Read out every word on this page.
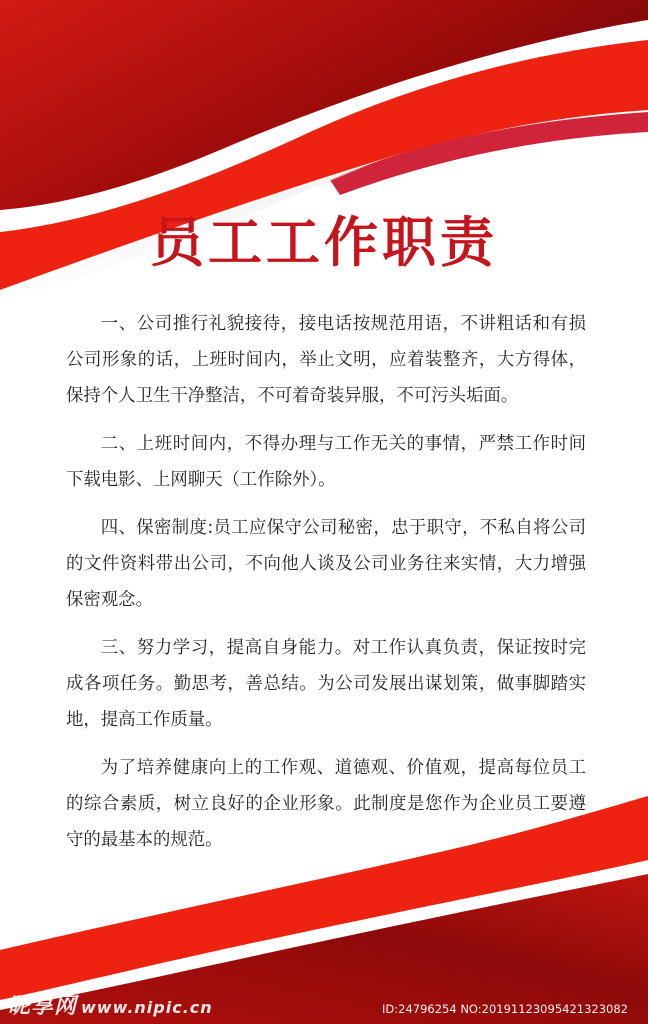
员工工作职责

一、公司推行礼貌接待，接电话按规范用语，不讲粗话和有损公司形象的话，上班时间内，举止文明，应着装整齐，大方得体，保持个人卫生干净整洁，不可着奇装异服，不可污头垢面。

二、上班时间内，不得办理与工作无关的事情，严禁工作时间下载电影、上网聊天（工作除外）。

四、保密制度:员工应保守公司秘密，忠于职守，不私自将公司的文件资料带出公司，不向他人谈及公司业务往来实情，大力增强保密观念。

三、努力学习，提高自身能力。对工作认真负责，保证按时完成各项任务。勤思考，善总结。为公司发展出谋划策，做事脚踏实地，提高工作质量。

为了培养健康向上的工作观、道德观、价值观，提高每位员工的综合素质，树立良好的企业形象。此制度是您作为企业员工要遵守的最基本的规范。

昵享网 www.nipic.cn	ID:24796254 NO:20191123095421323082
